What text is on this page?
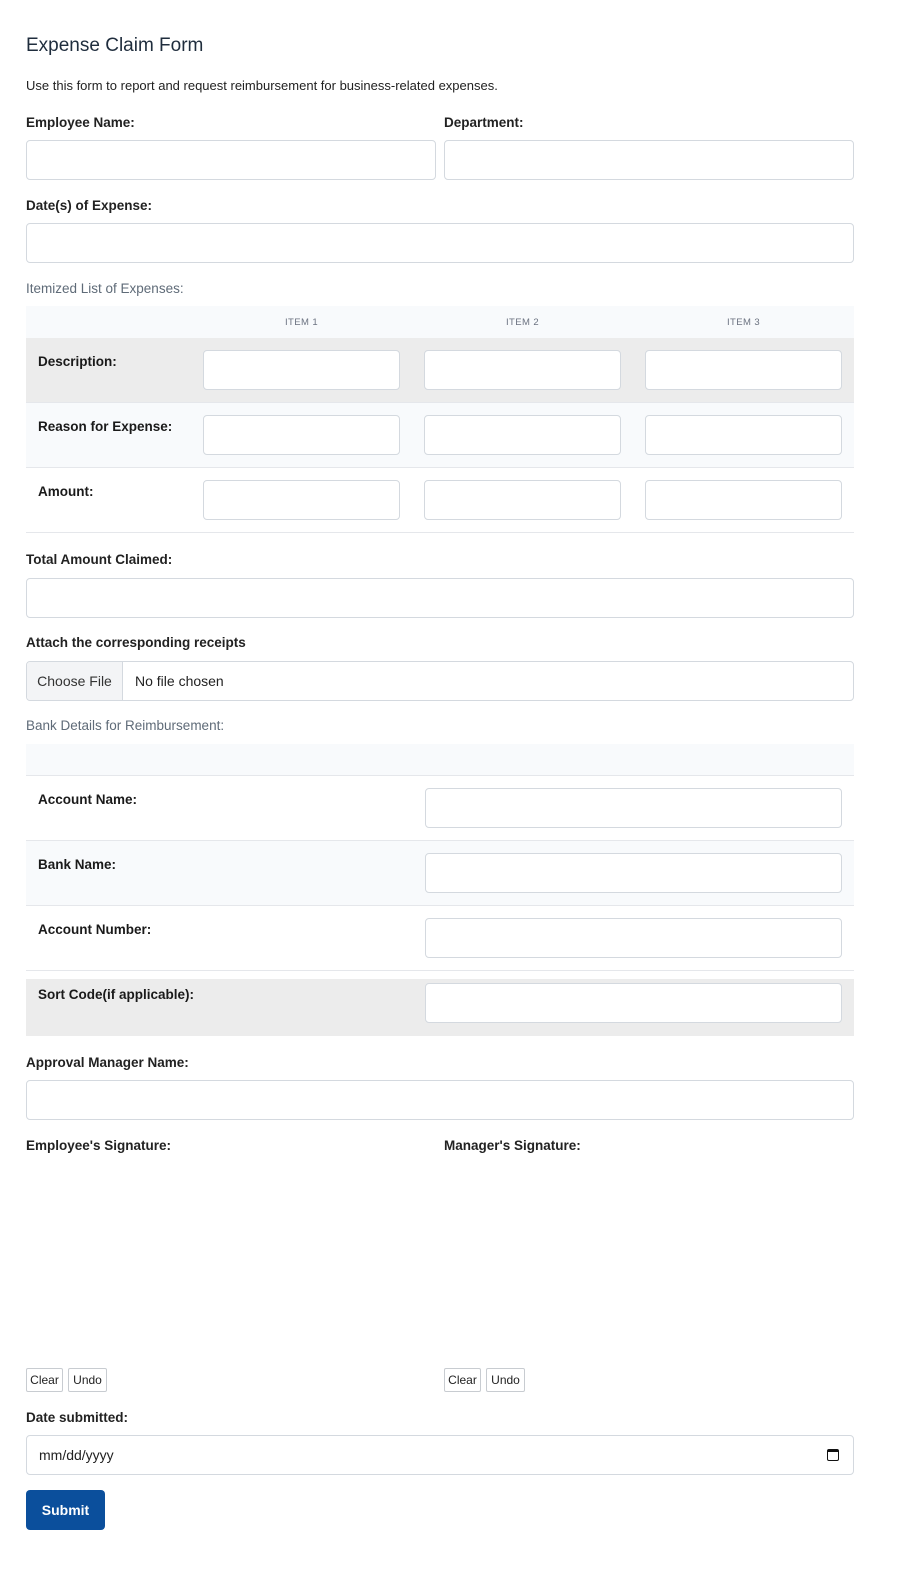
Expense Claim Form
Use this form to report and request reimbursement for business-related expenses.
Employee Name:	Department:
Date(s) of Expense:
Itemized List of Expenses:
ITEM 1	ITEM 2	ITEM 3
Description:
Reason for Expense:
Amount:
Total Amount Claimed:
Attach the corresponding receipts
Choose File	No file chosen
Bank Details for Reimbursement:
Account Name:
Bank Name:
Account Number:
Sort Code(if applicable):
Approval Manager Name:
Employee's Signature:	Manager's Signature:
Clear	Undo	Clear	Undo
Date submitted:
mm/dd/yyyy
Submit
